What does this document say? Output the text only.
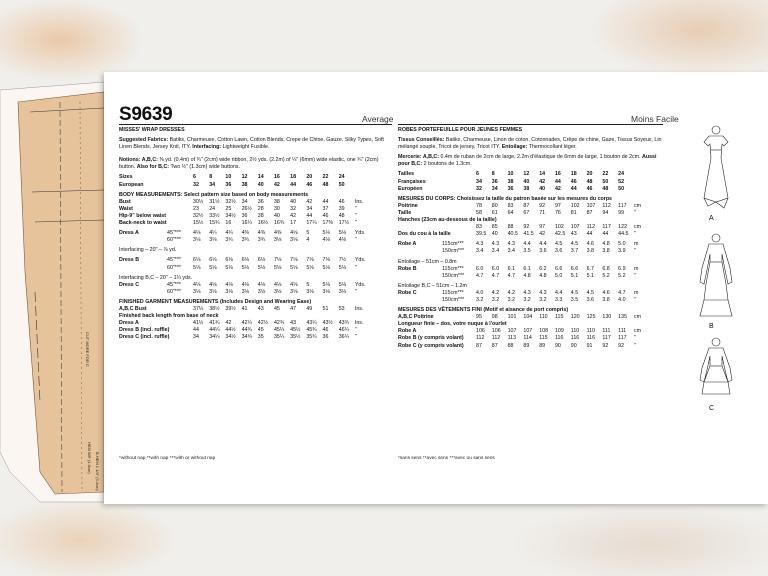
CUT MORE FOR C
HEM 5/8" (1.5cm) B.HEM 1 1/4" (3.2cm)
S9639	Average	Moins Facile
MISSES' WRAP DRESSES
Suggested Fabrics: Batiks, Charmeuse, Cotton Lawn, Cotton Blends, Crepe de Chine, Gauze, Silky Types, Soft Linen Blends, Jersey Knit, ITY. Interfacing: Lightweight Fusible.
Notions: A,B,C: ⅜ yd. (0.4m) of ¾" (2cm) wide ribbon, 2½ yds. (2.2m) of ¼" (6mm) wide elastic, one ¾" (2cm) button. Also for B,C: Two ½" (1.3cm) wide buttons.
Sizes		6	8	10	12	14	16	18	20	22	24	
European		32	34	36	38	40	42	44	46	48	50	
BODY MEASUREMENTS: Select pattern size based on body measurements
Bust		30½	31½	32½	34	36	38	40	42	44	46	Ins.
Waist		23	24	25	26½	28	30	32	34	37	39	"
Hip-9" below waist		32½	33½	34½	36	38	40	42	44	46	48	"
Back-neck to waist		15½	15¾	16	16¼	16½	16¾	17	17¼	17⅜	17½	"
Dress A	45"***	4⅛	4¼	4¼	4⅜	4⅜	4⅜	4⅛	5	5⅛	5⅛	Yds.
	60"***	3⅛	3⅛	3¾	3¾	3¾	3⅛	3⅛	4	4⅛	4⅛	"
Interfacing – 20" – ⅞ yd.
Dress B	45"***	6⅛	6⅛	6⅛	6⅛	6⅛	7⅛	7⅛	7⅛	7⅛	7½	Yds.
	60"***	5⅛	5⅛	5⅛	5⅛	5⅛	5⅛	5⅛	5⅛	5⅛	5⅛	"
Interfacing B,C – 20" – 1¼ yds.
Dress C	45"***	4⅛	4⅛	4⅛	4⅛	4⅛	4⅛	4⅛	5	5⅛	5⅛	Yds.
	60"***	3⅛	3⅛	3⅛	3⅛	3⅛	3⅛	3⅛	3⅛	3⅛	3⅛	"
FINISHED GARMENT MEASUREMENTS (Includes Design and Wearing Ease)
A,B,C Bust		37½	38½	39½	41	43	45	47	49	51	53	Ins.
Finished back length from base of neck
Dress A		41½	41¾	42	42¼	42½	42¾	43	43¼	43½	43¾	Ins.
Dress B (incl. ruffle)		44	44¼	44½	44¾	45	45¼	45½	45¾	46	46¼	"
Dress C (incl. ruffle)		34	34¼	34½	34¾	35	35¼	35½	35¾	36	36¼	"
*without nap **with nap ***with or without nap
ROBES PORTEFEUILLE POUR JEUNES FEMMES
Tissus Conseillés: Batiks, Charmeuse, Linon de coton, Cotonnades, Crêpe de chine, Gaze, Tissus Soyeux, Lin mélangé souple, Tricot de jersey, Tricot ITY. Entoilage: Thermocollant léger.
Mercerie: A,B,C: 0.4m de ruban de 2cm de large, 2.2m d'élastique de 6mm de large, 1 bouton de 2cm. Aussi pour B,C: 2 boutons de 1.3cm.
Tailles		6	8	10	12	14	16	18	20	22	24	
Françaises		34	36	38	40	42	44	46	48	50	52	
Européen		32	34	36	38	40	42	44	46	48	50	
MESURES DU CORPS: Choisissez la taille du patron basée sur les mesures du corps
Poitrine		78	80	83	87	92	97	102	107	112	117	cm
Taille		58	61	64	67	71	76	81	87	94	99	"
Hanches (23cm au-dessous de la taille)											
		83	85	88	92	97	102	107	112	117	122	cm
Dos du cou à la taille		39.5	40	40.5	41.5	42	42.5	43	44	44	44.5	"
Robe A	115cm***	4.3	4.3	4.3	4.4	4.4	4.5	4.5	4.6	4.8	5.0	m
	150cm***	3.4	3.4	3.4	3.5	3.6	3.6	3.7	3.8	3.8	3.9	"
Entoilage – 51cm – 0.8m
Robe B	115cm***	6.0	6.0	6.1	6.1	6.2	6.6	6.6	6.7	6.8	6.9	m
	150cm***	4.7	4.7	4.7	4.8	4.8	5.0	5.1	5.1	5.2	5.2	"
Entoilage B,C – 51cm – 1.2m
Robe C	115cm***	4.0	4.2	4.2	4.3	4.3	4.4	4.5	4.5	4.6	4.7	m
	150cm***	3.2	3.2	3.2	3.2	3.2	3.3	3.5	3.6	3.8	4.0	"
MESURES DES VÊTEMENTS FINI (Motif et aisance de port compris)
A,B,C Poitrine		95	98	101	104	110	115	120	125	130	135	cm
Longueur finie – dos, votre nuque à l'ourlet
Robe A		106	106	107	107	108	109	110	110	111	111	cm
Robe B (y compris volant)		112	112	113	114	115	116	116	116	117	117	"
Robe C (y compris volant)		87	87	88	89	89	90	90	91	92	92	"
*sans sens **avec sens ***avec ou sans sens
A
B
C
